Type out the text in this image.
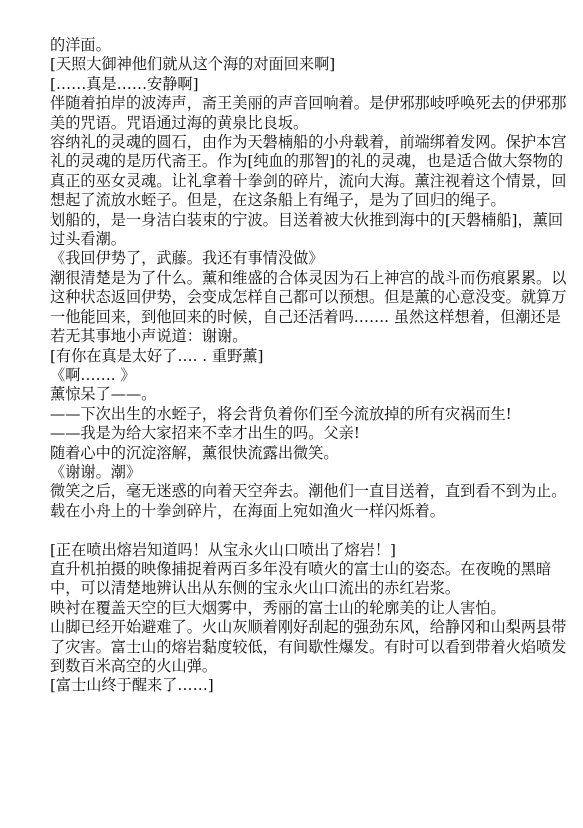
的洋面。

[天照大御神他们就从这个海的对面回来啊]

[……真是……安静啊]

伴随着拍岸的波涛声，斋王美丽的声音回响着。是伊邪那岐呼唤死去的伊邪那美的咒语。咒语通过海的黄泉比良坂。

容纳礼的灵魂的圆石，由作为天磐楠船的小舟载着，前端绑着发网。保护本宫礼的灵魂的是历代斋王。作为[纯血的那智]的礼的灵魂，也是适合做大祭物的真正的巫女灵魂。让礼拿着十拳剑的碎片，流向大海。薰注视着这个情景，回想起了流放水蛭子。但是，在这条船上有绳子，是为了回归的绳子。

划船的，是一身洁白装束的宁波。目送着被大伙推到海中的[天磐楠船]，薰回过头看潮。

《我回伊势了，武藤。我还有事情没做》

潮很清楚是为了什么。薰和维盛的合体灵因为石上神宫的战斗而伤痕累累。以这种状态返回伊势，会变成怎样自己都可以预想。但是薰的心意没变。就算万一他能回来，到他回来的时候，自己还活着吗……. 虽然这样想着，但潮还是若无其事地小声说道：谢谢。

[有你在真是太好了…. . 重野薰]

《啊……. 》

薰惊呆了——。

——下次出生的水蛭子，将会背负着你们至今流放掉的所有灾祸而生!

——我是为给大家招来不幸才出生的吗。父亲!

随着心中的沉淀溶解，薰很快流露出微笑。

《谢谢。潮》

微笑之后，毫无迷惑的向着天空奔去。潮他们一直目送着，直到看不到为止。

载在小舟上的十拳剑碎片，在海面上宛如渔火一样闪烁着。

[正在喷出熔岩知道吗！从宝永火山口喷出了熔岩！]

直升机拍摄的映像捕捉着两百多年没有喷火的富士山的姿态。在夜晚的黑暗中，可以清楚地辨认出从东侧的宝永火山口流出的赤红岩浆。

映衬在覆盖天空的巨大烟雾中，秀丽的富士山的轮廓美的让人害怕。

山脚已经开始避难了。火山灰顺着刚好刮起的强劲东风，给静冈和山梨两县带了灾害。富士山的熔岩黏度较低，有间歇性爆发。有时可以看到带着火焰喷发到数百米高空的火山弹。

[富士山终于醒来了……]
